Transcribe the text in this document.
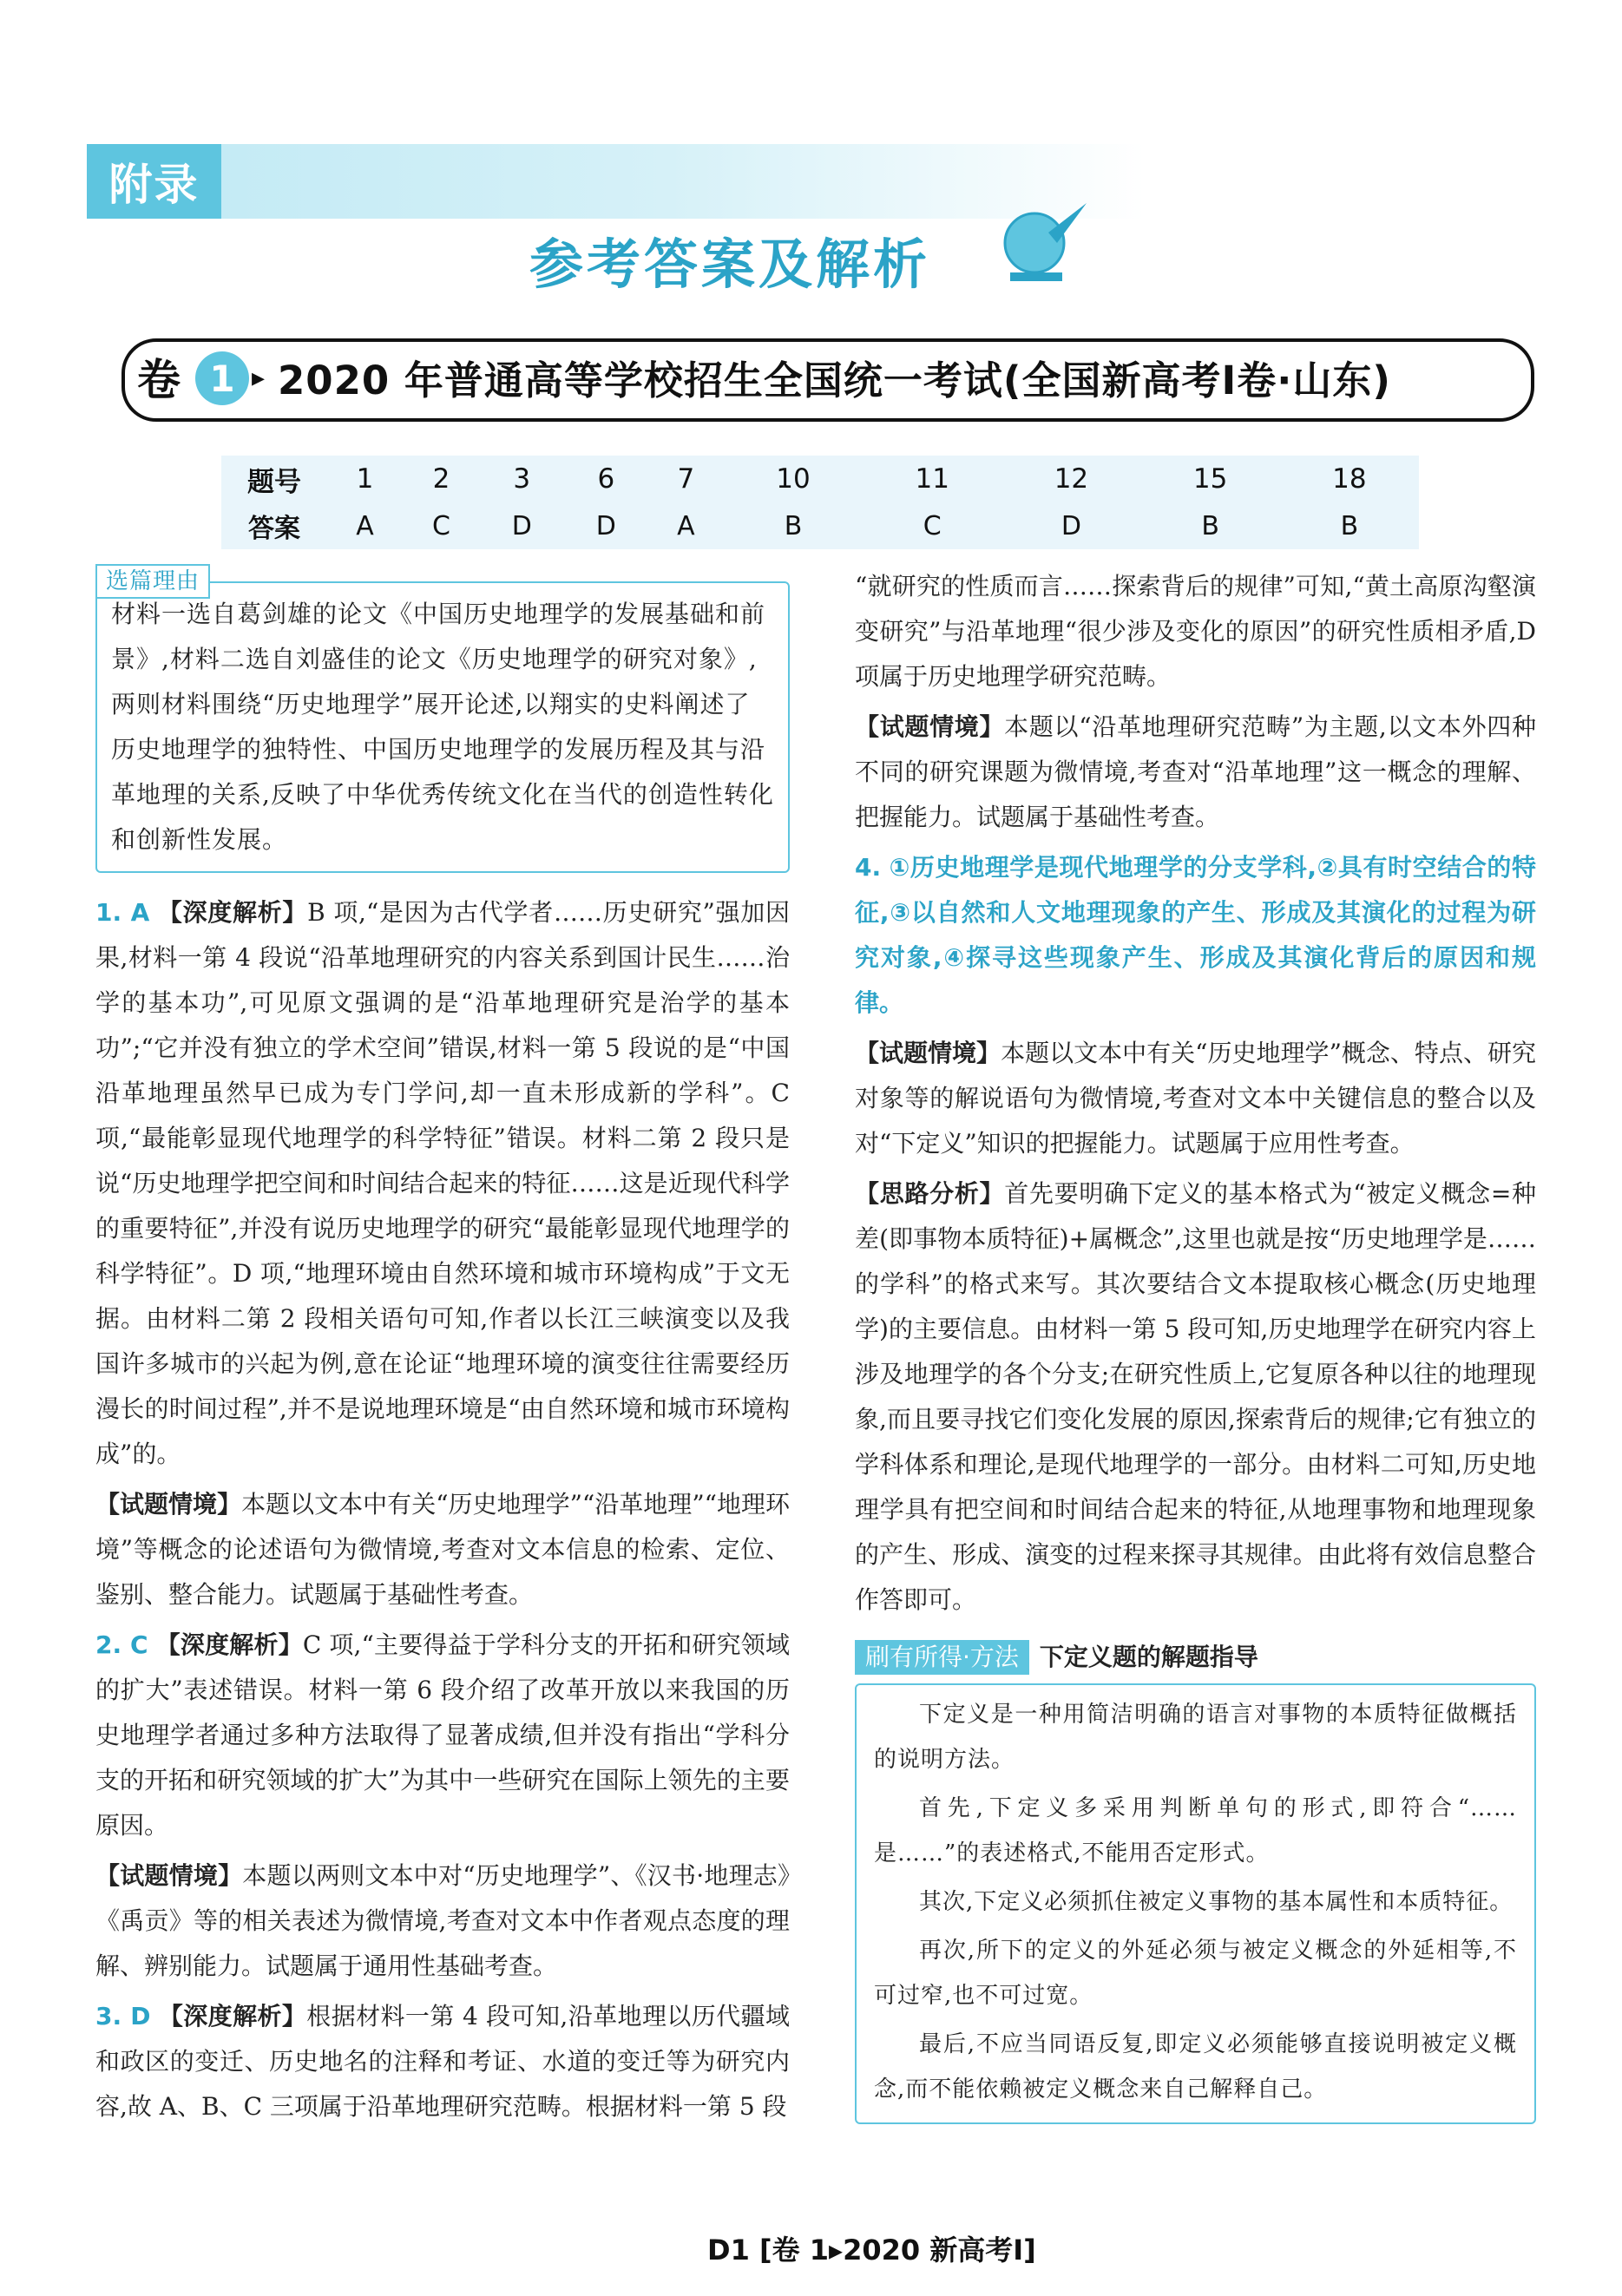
附录
参考答案及解析
卷 1 ▸ 2020 年普通高等学校招生全国统一考试(全国新高考Ⅰ卷·山东)
题号	1	2	3	6	7	10	11	12	15	18
答案	A	C	D	D	A	B	C	D	B	B
选篇理由
材料一选自葛剑雄的论文《中国历史地理学的发展基础和前景》,材料二选自刘盛佳的论文《历史地理学的研究对象》,两则材料围绕“历史地理学”展开论述,以翔实的史料阐述了历史地理学的独特性、中国历史地理学的发展历程及其与沿革地理的关系,反映了中华优秀传统文化在当代的创造性转化和创新性发展。

1. A 【深度解析】B 项,“是因为古代学者……历史研究”强加因果,材料一第 4 段说“沿革地理研究的内容关系到国计民生……治学的基本功”,可见原文强调的是“沿革地理研究是治学的基本功”;“它并没有独立的学术空间”错误,材料一第 5 段说的是“中国沿革地理虽然早已成为专门学问,却一直未形成新的学科”。C 项,“最能彰显现代地理学的科学特征”错误。材料二第 2 段只是说“历史地理学把空间和时间结合起来的特征……这是近现代科学的重要特征”,并没有说历史地理学的研究“最能彰显现代地理学的科学特征”。D 项,“地理环境由自然环境和城市环境构成”于文无据。由材料二第 2 段相关语句可知,作者以长江三峡演变以及我国许多城市的兴起为例,意在论证“地理环境的演变往往需要经历漫长的时间过程”,并不是说地理环境是“由自然环境和城市环境构成”的。

【试题情境】本题以文本中有关“历史地理学”“沿革地理”“地理环境”等概念的论述语句为微情境,考查对文本信息的检索、定位、鉴别、整合能力。试题属于基础性考查。

2. C 【深度解析】C 项,“主要得益于学科分支的开拓和研究领域的扩大”表述错误。材料一第 6 段介绍了改革开放以来我国的历史地理学者通过多种方法取得了显著成绩,但并没有指出“学科分支的开拓和研究领域的扩大”为其中一些研究在国际上领先的主要原因。

【试题情境】本题以两则文本中对“历史地理学”、《汉书·地理志》《禹贡》等的相关表述为微情境,考查对文本中作者观点态度的理解、辨别能力。试题属于通用性基础考查。

3. D 【深度解析】根据材料一第 4 段可知,沿革地理以历代疆域和政区的变迁、历史地名的注释和考证、水道的变迁等为研究内容,故 A、B、C 三项属于沿革地理研究范畴。根据材料一第 5 段

“就研究的性质而言……探索背后的规律”可知,“黄土高原沟壑演变研究”与沿革地理“很少涉及变化的原因”的研究性质相矛盾,D 项属于历史地理学研究范畴。

【试题情境】本题以“沿革地理研究范畴”为主题,以文本外四种不同的研究课题为微情境,考查对“沿革地理”这一概念的理解、把握能力。试题属于基础性考查。

4. ①历史地理学是现代地理学的分支学科,②具有时空结合的特征,③以自然和人文地理现象的产生、形成及其演化的过程为研究对象,④探寻这些现象产生、形成及其演化背后的原因和规律。

【试题情境】本题以文本中有关“历史地理学”概念、特点、研究对象等的解说语句为微情境,考查对文本中关键信息的整合以及对“下定义”知识的把握能力。试题属于应用性考查。

【思路分析】首先要明确下定义的基本格式为“被定义概念=种差(即事物本质特征)+属概念”,这里也就是按“历史地理学是……的学科”的格式来写。其次要结合文本提取核心概念(历史地理学)的主要信息。由材料一第 5 段可知,历史地理学在研究内容上涉及地理学的各个分支;在研究性质上,它复原各种以往的地理现象,而且要寻找它们变化发展的原因,探索背后的规律;它有独立的学科体系和理论,是现代地理学的一部分。由材料二可知,历史地理学具有把空间和时间结合起来的特征,从地理事物和地理现象的产生、形成、演变的过程来探寻其规律。由此将有效信息整合作答即可。

刷有所得·方法 下定义题的解题指导

下定义是一种用简洁明确的语言对事物的本质特征做概括的说明方法。

首先,下定义多采用判断单句的形式,即符合“……是……”的表述格式,不能用否定形式。

其次,下定义必须抓住被定义事物的基本属性和本质特征。

再次,所下的定义的外延必须与被定义概念的外延相等,不可过窄,也不可过宽。

最后,不应当同语反复,即定义必须能够直接说明被定义概念,而不能依赖被定义概念来自己解释自己。

D1 [卷 1▸2020 新高考Ⅰ]
